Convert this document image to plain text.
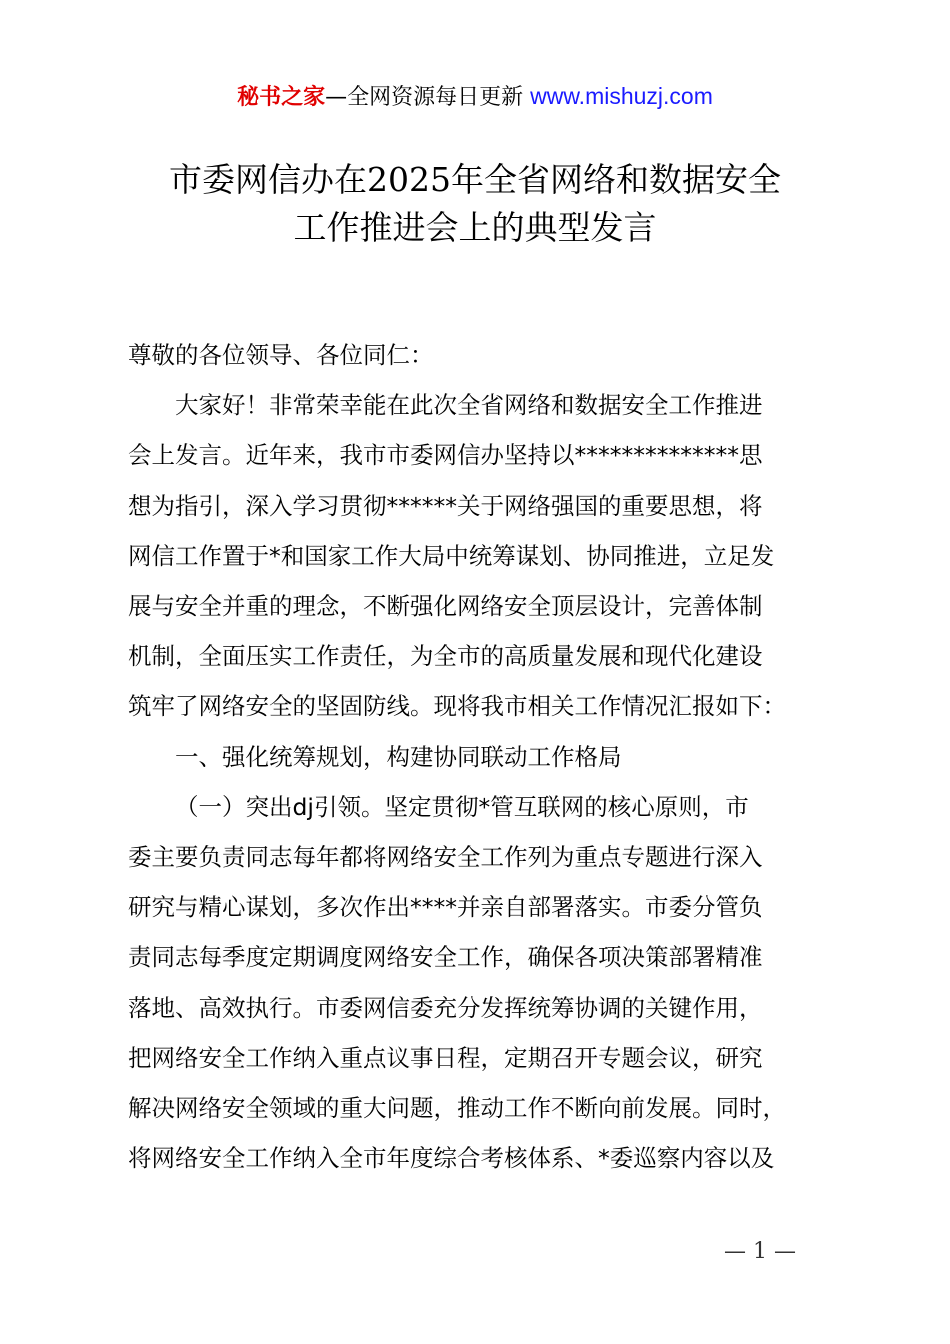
秘书之家—全网资源每日更新 www.mishuzj.com
市委网信办在2025年全省网络和数据安全
工作推进会上的典型发言
尊敬的各位领导、各位同仁：
大家好！非常荣幸能在此次全省网络和数据安全工作推进
会上发言。近年来，我市市委网信办坚持以**************思
想为指引，深入学习贯彻******关于网络强国的重要思想，将
网信工作置于*和国家工作大局中统筹谋划、协同推进，立足发
展与安全并重的理念，不断强化网络安全顶层设计，完善体制
机制，全面压实工作责任，为全市的高质量发展和现代化建设
筑牢了网络安全的坚固防线。现将我市相关工作情况汇报如下：
一、强化统筹规划，构建协同联动工作格局
（一）突出dj引领。坚定贯彻*管互联网的核心原则，市
委主要负责同志每年都将网络安全工作列为重点专题进行深入
研究与精心谋划，多次作出****并亲自部署落实。市委分管负
责同志每季度定期调度网络安全工作，确保各项决策部署精准
落地、高效执行。市委网信委充分发挥统筹协调的关键作用，
把网络安全工作纳入重点议事日程，定期召开专题会议，研究
解决网络安全领域的重大问题，推动工作不断向前发展。同时，
将网络安全工作纳入全市年度综合考核体系、*委巡察内容以及
— 1 —
